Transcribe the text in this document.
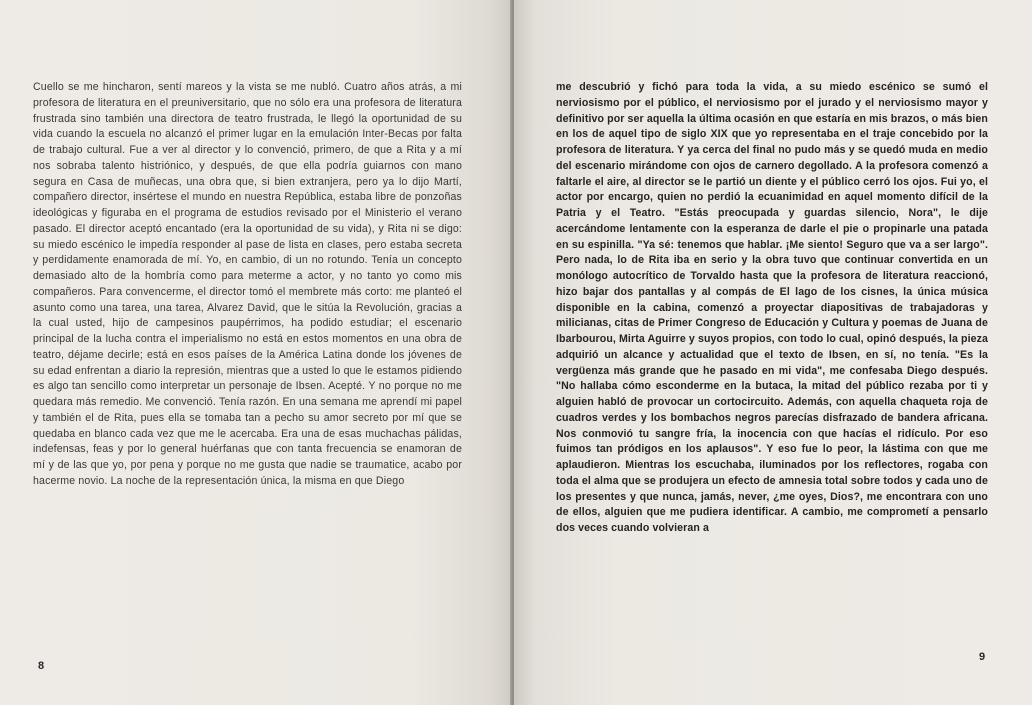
Cuello se me hincharon, sentí mareos y la vista se me nubló. Cuatro años atrás, a mi profesora de literatura en el preuniversitario, que no sólo era una profesora de literatura frustrada sino también una directora de teatro frustrada, le llegó la oportunidad de su vida cuando la escuela no alcanzó el primer lugar en la emulación Inter-Becas por falta de trabajo cultural. Fue a ver al director y lo convenció, primero, de que a Rita y a mí nos sobraba talento histriónico, y después, de que ella podría guiarnos con mano segura en Casa de muñecas, una obra que, si bien extranjera, pero ya lo dijo Martí, compañero director, insértese el mundo en nuestra República, estaba libre de ponzoñas ideológicas y figuraba en el programa de estudios revisado por el Ministerio el verano pasado. El director aceptó encantado (era la oportunidad de su vida), y Rita ni se digo: su miedo escénico le impedía responder al pase de lista en clases, pero estaba secreta y perdidamente enamorada de mí. Yo, en cambio, di un no rotundo. Tenía un concepto demasiado alto de la hombría como para meterme a actor, y no tanto yo como mis compañeros. Para convencerme, el director tomó el membrete más corto: me planteó el asunto como una tarea, una tarea, Alvarez David, que le sitúa la Revolución, gracias a la cual usted, hijo de campesinos paupérrimos, ha podido estudiar; el escenario principal de la lucha contra el imperialismo no está en estos momentos en una obra de teatro, déjame decirle; está en esos países de la América Latina donde los jóvenes de su edad enfrentan a diario la represión, mientras que a usted lo que le estamos pidiendo es algo tan sencillo como interpretar un personaje de Ibsen. Acepté. Y no porque no me quedara más remedio. Me convenció. Tenía razón. En una semana me aprendí mi papel y también el de Rita, pues ella se tomaba tan a pecho su amor secreto por mí que se quedaba en blanco cada vez que me le acercaba. Era una de esas muchachas pálidas, indefensas, feas y por lo general huérfanas que con tanta frecuencia se enamoran de mí y de las que yo, por pena y porque no me gusta que nadie se traumatice, acabo por hacerme novio. La noche de la representación única, la misma en que Diego

8

me descubrió y fichó para toda la vida, a su miedo escénico se sumó el nerviosismo por el público, el nerviosismo por el jurado y el nerviosismo mayor y definitivo por ser aquella la última ocasión en que estaría en mis brazos, o más bien en los de aquel tipo de siglo XIX que yo representaba en el traje concebido por la profesora de literatura. Y ya cerca del final no pudo más y se quedó muda en medio del escenario mirándome con ojos de carnero degollado. A la profesora comenzó a faltarle el aire, al director se le partió un diente y el público cerró los ojos. Fui yo, el actor por encargo, quien no perdió la ecuanimidad en aquel momento difícil de la Patria y el Teatro. "Estás preocupada y guardas silencio, Nora", le dije acercándome lentamente con la esperanza de darle el pie o propinarle una patada en su espinilla. "Ya sé: tenemos que hablar. ¡Me siento! Seguro que va a ser largo". Pero nada, lo de Rita iba en serio y la obra tuvo que continuar convertida en un monólogo autocrítico de Torvaldo hasta que la profesora de literatura reaccionó, hizo bajar dos pantallas y al compás de El lago de los cisnes, la única música disponible en la cabina, comenzó a proyectar diapositivas de trabajadoras y milicianas, citas de Primer Congreso de Educación y Cultura y poemas de Juana de Ibarbourou, Mirta Aguirre y suyos propios, con todo lo cual, opinó después, la pieza adquirió un alcance y actualidad que el texto de Ibsen, en sí, no tenía. "Es la vergüenza más grande que he pasado en mi vida", me confesaba Diego después. "No hallaba cómo esconderme en la butaca, la mitad del público rezaba por ti y alguien habló de provocar un cortocircuito. Además, con aquella chaqueta roja de cuadros verdes y los bombachos negros parecías disfrazado de bandera africana. Nos conmovió tu sangre fría, la inocencia con que hacías el ridículo. Por eso fuimos tan pródigos en los aplausos". Y eso fue lo peor, la lástima con que me aplaudieron. Mientras los escuchaba, iluminados por los reflectores, rogaba con toda el alma que se produjera un efecto de amnesia total sobre todos y cada uno de los presentes y que nunca, jamás, never, ¿me oyes, Dios?, me encontrara con uno de ellos, alguien que me pudiera identificar. A cambio, me comprometí a pensarlo dos veces cuando volvieran a

9
